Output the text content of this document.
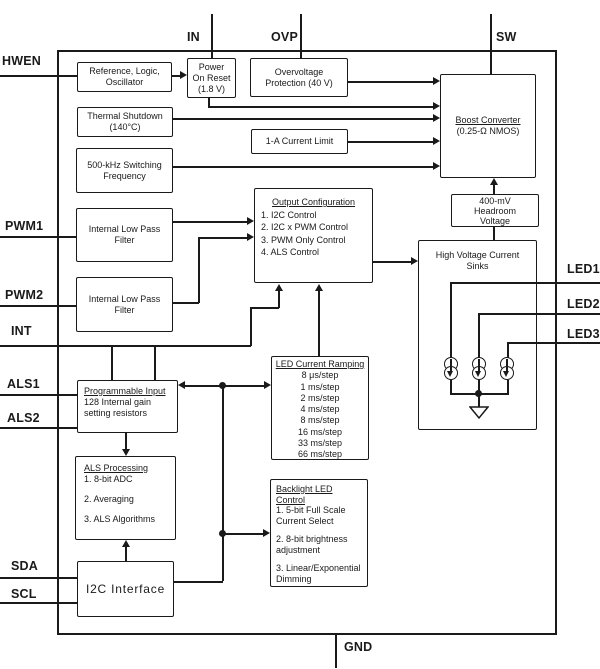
HWEN
IN	OVP	SW
PWM1
PWM2
INT
ALS1
ALS2
SDA
SCL
LED1
LED2
LED3
GND
Reference, Logic,
Oscillator
Power
On Reset
(1.8 V)
Overvoltage
Protection (40 V)
Thermal Shutdown
(140°C)
1-A Current Limit
500-kHz Switching
Frequency
Boost Converter
(0.25-Ω NMOS)
400-mV
Headroom
Voltage
High Voltage Current
Sinks
Output Configuration
1. I2C Control
2. I2C x PWM Control
3. PWM Only Control
4. ALS Control
Internal Low Pass
Filter
Internal Low Pass
Filter
Programmable Input
128 Internal gain
setting resistors
ALS Processing
1. 8-bit ADC
2. Averaging
3. ALS Algorithms
I2C Interface
LED Current Ramping
8 μs/step
1 ms/step
2 ms/step
4 ms/step
8 ms/step
16 ms/step
33 ms/step
66 ms/step
Backlight LED Control
1. 5-bit Full Scale Current Select
2. 8-bit brightness adjustment
3. Linear/Exponential Dimming
